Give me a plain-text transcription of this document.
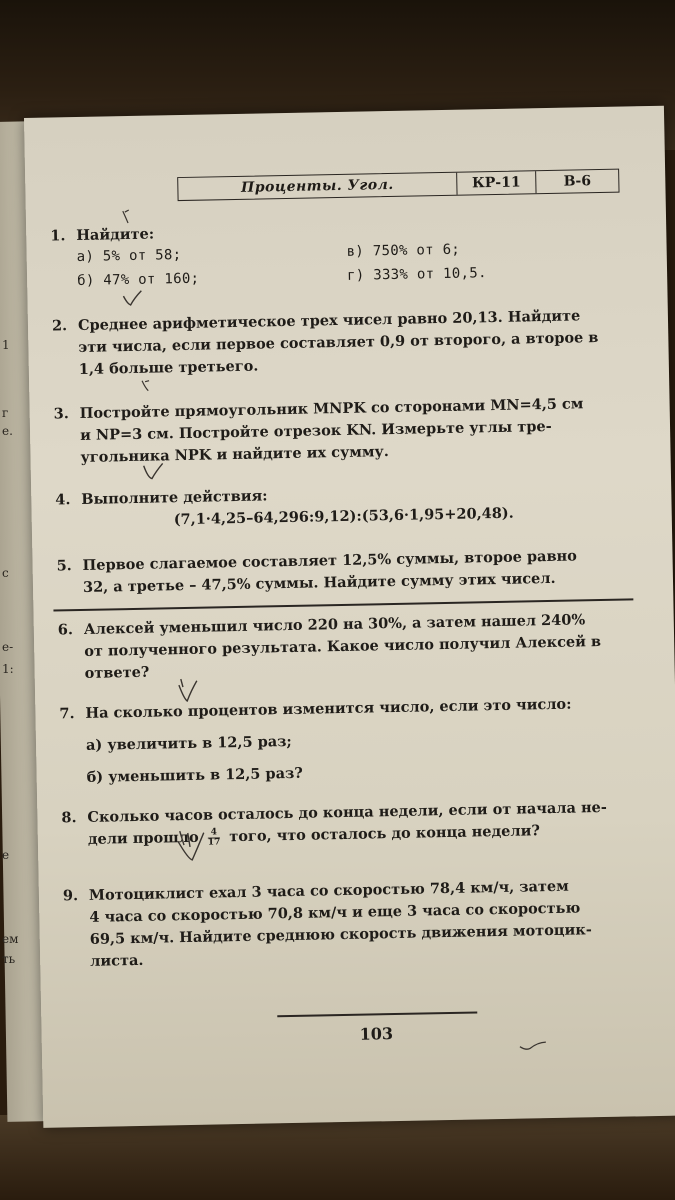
1
г
е.
с
е-
1:
е
ем
ть
Проценты. Угол.	КР-11	В-6
1. Найдите:
а) 5% от 58;	в) 750% от 6;
б) 47% от 160;	г) 333% от 10,5.
2. Среднее арифметическое трех чисел равно 20,13. Найдите
эти числа, если первое составляет 0,9 от второго, а второе в
1,4 больше третьего.
3. Постройте прямоугольник MNPK со сторонами MN=4,5 см
и NP=3 см. Постройте отрезок KN. Измерьте углы тре-
угольника NPK и найдите их сумму.
4. Выполните действия:
(7,1·4,25–64,296:9,12):(53,6·1,95+20,48).
5. Первое слагаемое составляет 12,5% суммы, второе равно
32, а третье – 47,5% суммы. Найдите сумму этих чисел.
6. Алексей уменьшил число 220 на 30%, а затем нашел 240%
от полученного результата. Какое число получил Алексей в
ответе?
7. На сколько процентов изменится число, если это число:
а) увеличить в 12,5 раз;
б) уменьшить в 12,5 раз?
8. Сколько часов осталось до конца недели, если от начала не-
дели прошло $\frac{4}{17}$ того, что осталось до конца недели?
9. Мотоциклист ехал 3 часа со скоростью 78,4 км/ч, затем
4 часа со скоростью 70,8 км/ч и еще 3 часа со скоростью
69,5 км/ч. Найдите среднюю скорость движения мотоцик-
листа.
103
